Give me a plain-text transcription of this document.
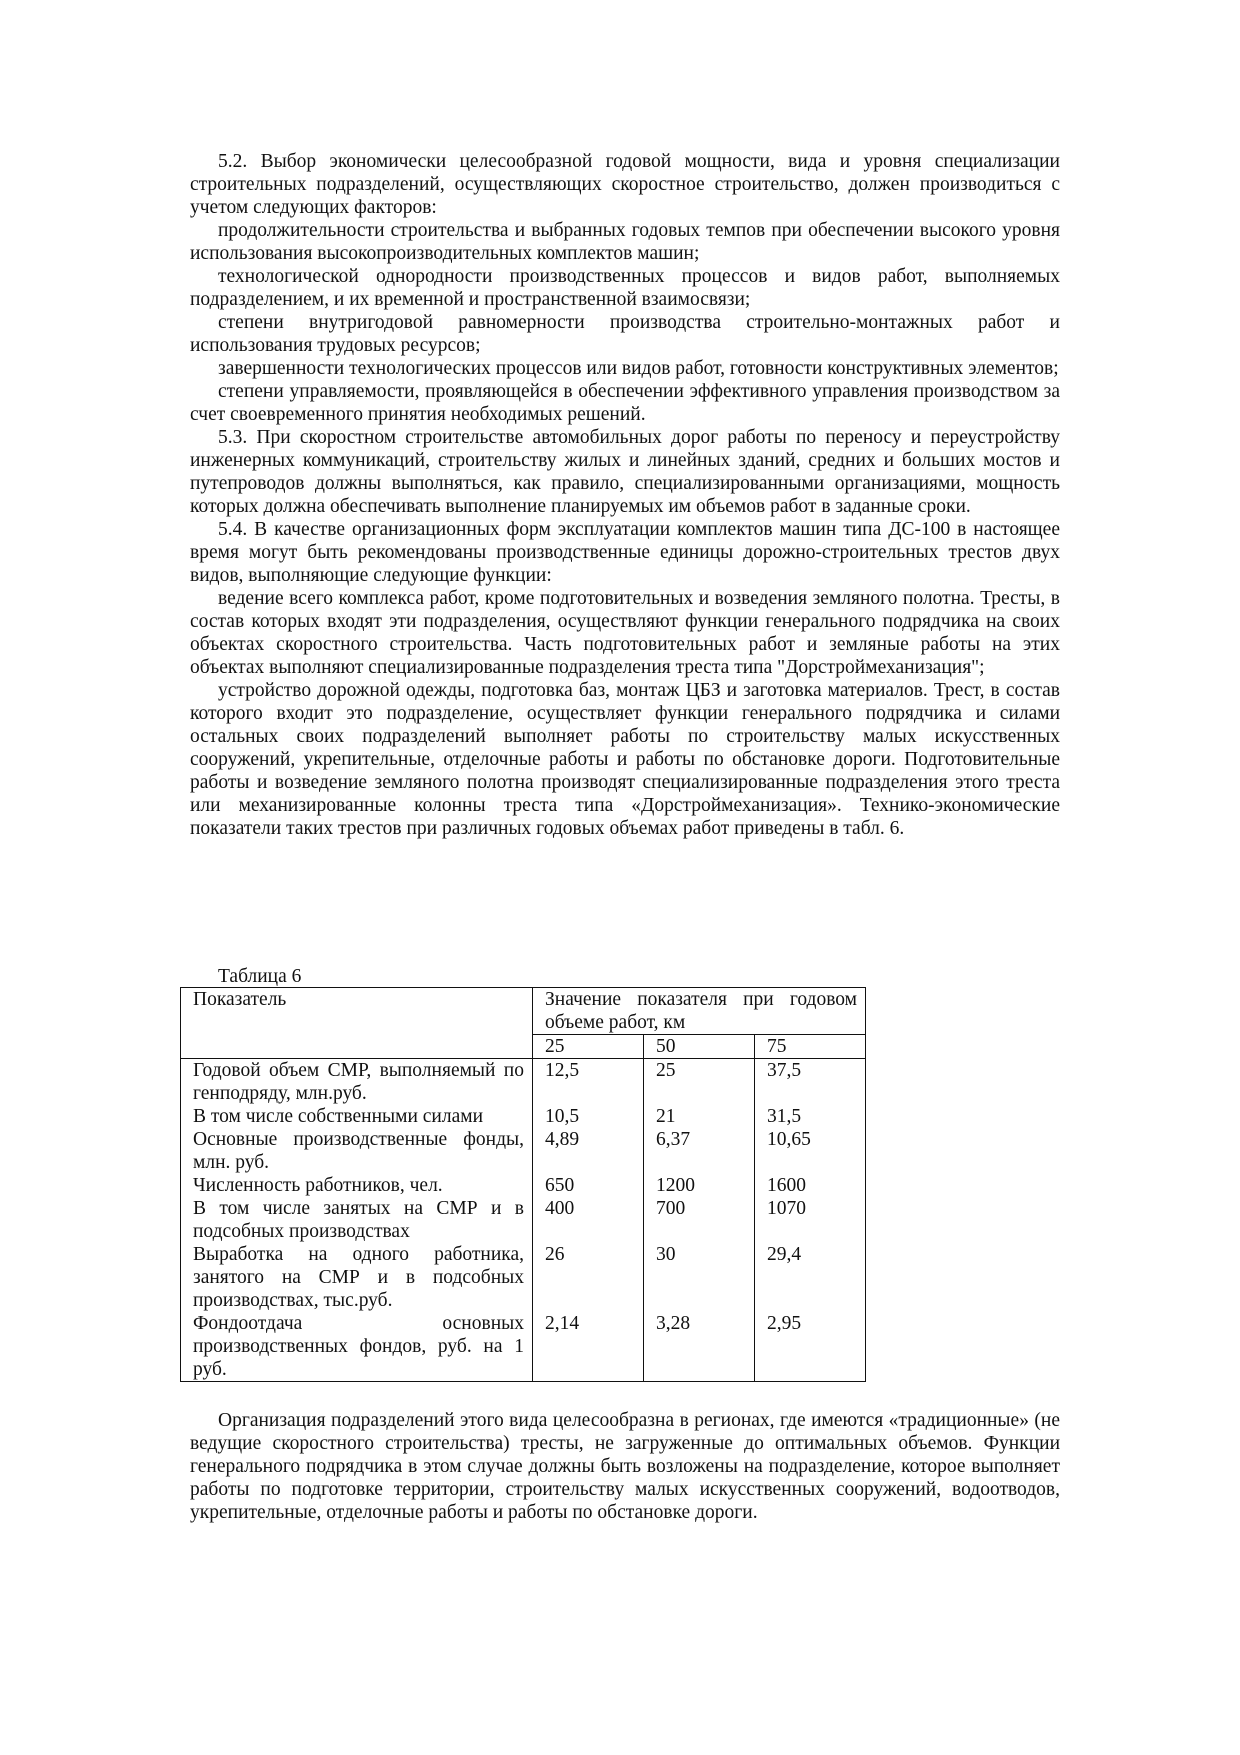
5.2. Выбор экономически целесообразной годовой мощности, вида и уровня специализации строительных подразделений, осуществляющих скоростное строительство, должен производиться с учетом следующих факторов:

продолжительности строительства и выбранных годовых темпов при обеспечении высокого уровня использования высокопроизводительных комплектов машин;

технологической однородности производственных процессов и видов работ, выполняемых подразделением, и их временной и пространственной взаимосвязи;

степени внутригодовой равномерности производства строительно-монтажных работ и использования трудовых ресурсов;

завершенности технологических процессов или видов работ, готовности конструктивных элементов;

степени управляемости, проявляющейся в обеспечении эффективного управления производством за счет своевременного принятия необходимых решений.

5.3. При скоростном строительстве автомобильных дорог работы по переносу и переустройству инженерных коммуникаций, строительству жилых и линейных зданий, средних и больших мостов и путепроводов должны выполняться, как правило, специализированными организациями, мощность которых должна обеспечивать выполнение планируемых им объемов работ в заданные сроки.

5.4. В качестве организационных форм эксплуатации комплектов машин типа ДС-100 в настоящее время могут быть рекомендованы производственные единицы дорожно-строительных трестов двух видов, выполняющие следующие функции:

ведение всего комплекса работ, кроме подготовительных и возведения земляного полотна. Тресты, в состав которых входят эти подразделения, осуществляют функции генерального подрядчика на своих объектах скоростного строительства. Часть подготовительных работ и земляные работы на этих объектах выполняют специализированные подразделения треста типа "Дорстроймеханизация";

устройство дорожной одежды, подготовка баз, монтаж ЦБЗ и заготовка материалов. Трест, в состав которого входит это подразделение, осуществляет функции генерального подрядчика и силами остальных своих подразделений выполняет работы по строительству малых искусственных сооружений, укрепительные, отделочные работы и работы по обстановке дороги. Подготовительные работы и возведение земляного полотна производят специализированные подразделения этого треста или механизированные колонны треста типа «Дорстроймеханизация». Технико-экономические показатели таких трестов при различных годовых объемах работ приведены в табл. 6.

Таблица 6
Показатель	Значение показателя при годовом объеме работ, км		
	25	50	75
Годовой объем СМР, выполняемый по генподряду, млн.руб.	12,5	25	37,5
В том числе собственными силами	10,5	21	31,5
Основные производственные фонды, млн. руб.	4,89	6,37	10,65
Численность работников, чел.	650	1200	1600
В том числе занятых на СМР и в подсобных производствах	400	700	1070
Выработка на одного работника, занятого на СМР и в подсобных производствах, тыс.руб.	26	30	29,4
Фондоотдача основных производственных фондов, руб. на 1 руб.	2,14	3,28	2,95

Организация подразделений этого вида целесообразна в регионах, где имеются «традиционные» (не ведущие скоростного строительства) тресты, не загруженные до оптимальных объемов. Функции генерального подрядчика в этом случае должны быть возложены на подразделение, которое выполняет работы по подготовке территории, строительству малых искусственных сооружений, водоотводов, укрепительные, отделочные работы и работы по обстановке дороги.
